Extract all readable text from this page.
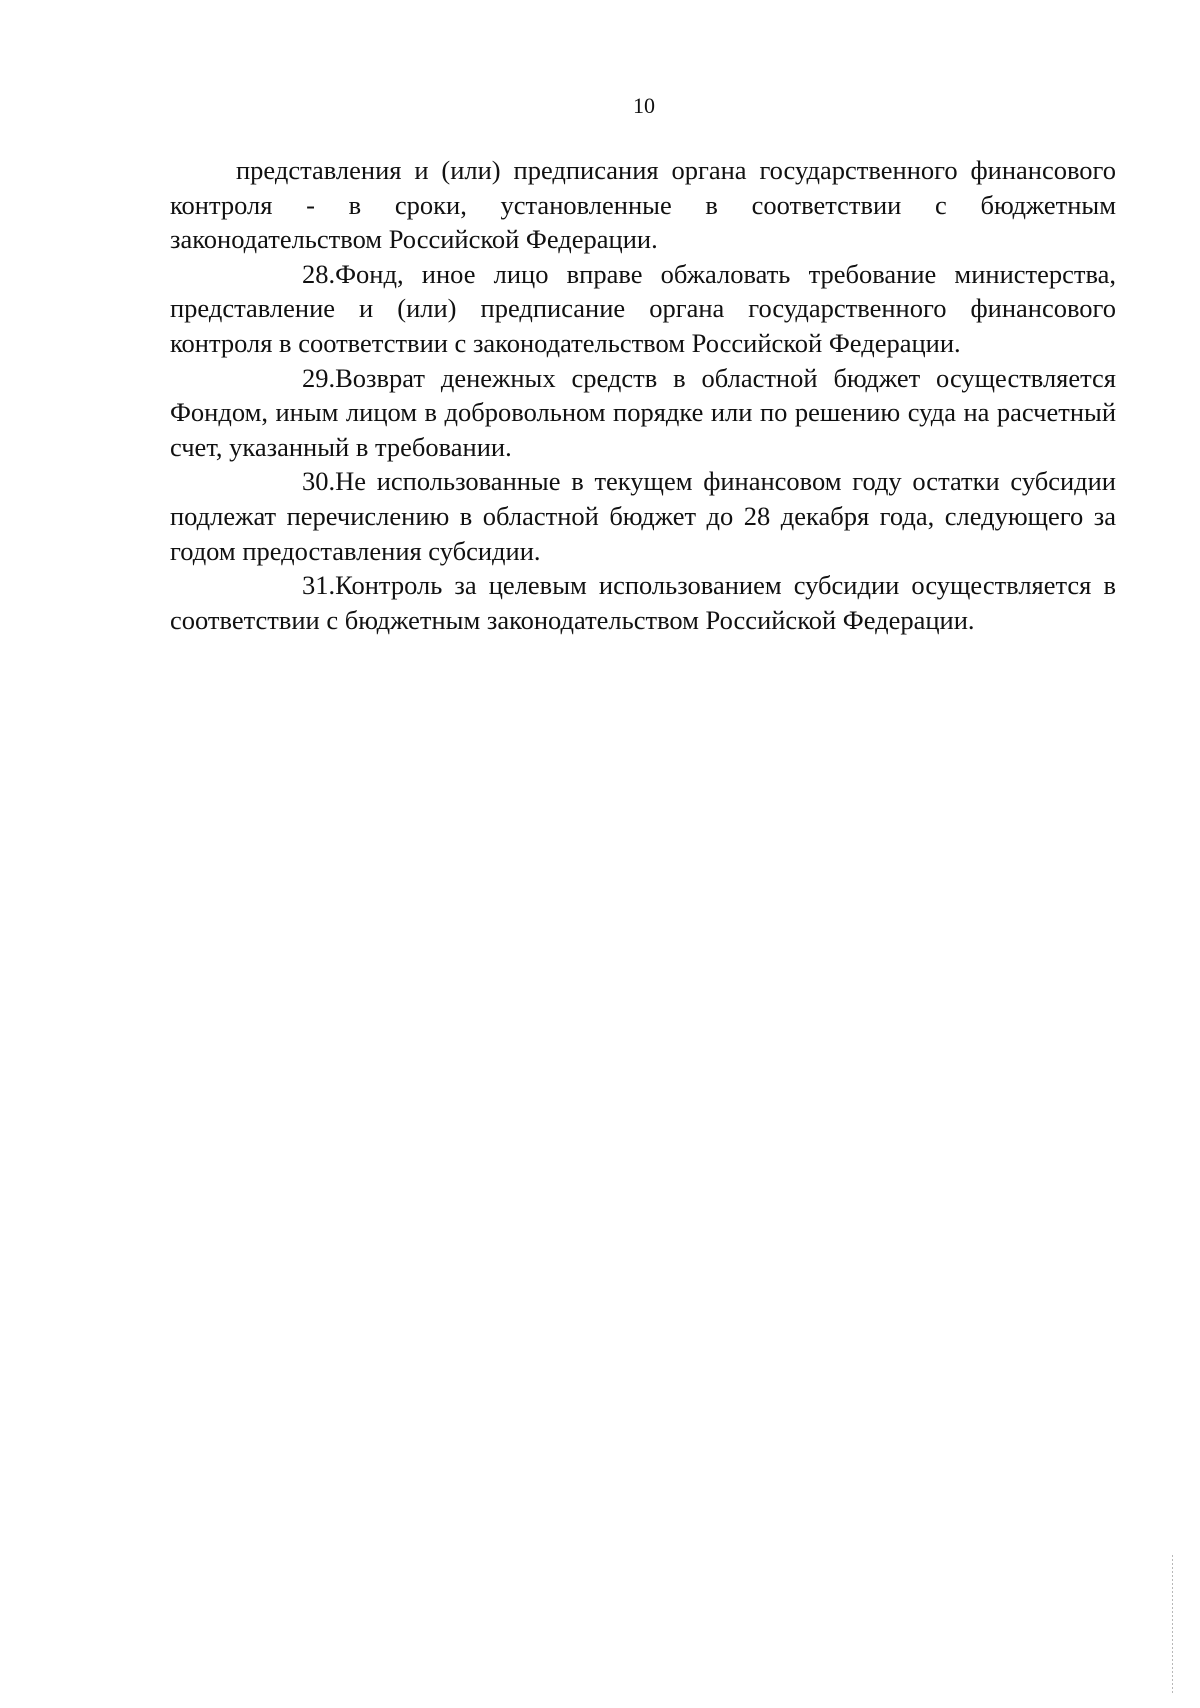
10

представления и (или) предписания органа государственного финансового контроля - в сроки, установленные в соответствии с бюджетным законодательством Российской Федерации.

28.Фонд, иное лицо вправе обжаловать требование министерства, представление и (или) предписание органа государственного финансового контроля в соответствии с законодательством Российской Федерации.

29.Возврат денежных средств в областной бюджет осуществляется Фондом, иным лицом в добровольном порядке или по решению суда на расчетный счет, указанный в требовании.

30.Не использованные в текущем финансовом году остатки субсидии подлежат перечислению в областной бюджет до 28 декабря года, следующего за годом предоставления субсидии.

31.Контроль за целевым использованием субсидии осуществляется в соответствии с бюджетным законодательством Российской Федерации.
